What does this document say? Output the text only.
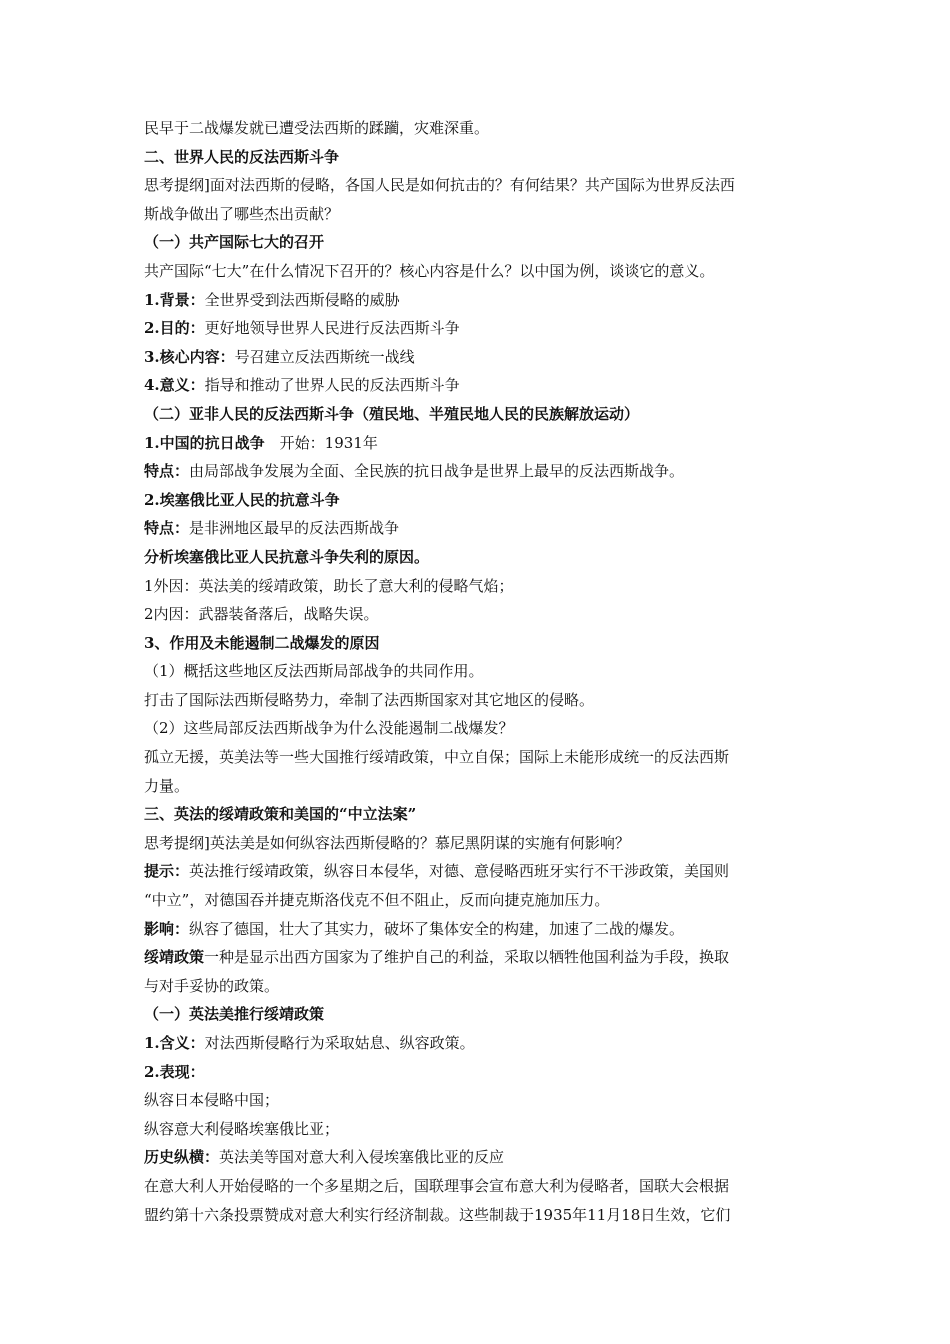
民早于二战爆发就已遭受法西斯的蹂躏，灾难深重。
二、世界人民的反法西斯斗争
思考提纲]面对法西斯的侵略，各国人民是如何抗击的？有何结果？共产国际为世界反法西
斯战争做出了哪些杰出贡献？
（一）共产国际七大的召开
共产国际“七大”在什么情况下召开的？核心内容是什么？以中国为例，谈谈它的意义。
1.背景：全世界受到法西斯侵略的威胁
2.目的：更好地领导世界人民进行反法西斯斗争
3.核心内容：号召建立反法西斯统一战线
4.意义：指导和推动了世界人民的反法西斯斗争
（二）亚非人民的反法西斯斗争（殖民地、半殖民地人民的民族解放运动）
1.中国的抗日战争　开始：1931年
特点：由局部战争发展为全面、全民族的抗日战争是世界上最早的反法西斯战争。
2.埃塞俄比亚人民的抗意斗争
特点：是非洲地区最早的反法西斯战争
分析埃塞俄比亚人民抗意斗争失利的原因。
1外因：英法美的绥靖政策，助长了意大利的侵略气焰；
2内因：武器装备落后，战略失误。
3、作用及未能遏制二战爆发的原因
（1）概括这些地区反法西斯局部战争的共同作用。
打击了国际法西斯侵略势力，牵制了法西斯国家对其它地区的侵略。
（2）这些局部反法西斯战争为什么没能遏制二战爆发？
孤立无援，英美法等一些大国推行绥靖政策，中立自保；国际上未能形成统一的反法西斯
力量。
三、英法的绥靖政策和美国的“中立法案”
思考提纲]英法美是如何纵容法西斯侵略的？慕尼黑阴谋的实施有何影响？
提示：英法推行绥靖政策，纵容日本侵华，对德、意侵略西班牙实行不干涉政策，美国则
“中立”，对德国吞并捷克斯洛伐克不但不阻止，反而向捷克施加压力。
影响：纵容了德国，壮大了其实力，破坏了集体安全的构建，加速了二战的爆发。
绥靖政策一种是显示出西方国家为了维护自己的利益，采取以牺牲他国利益为手段，换取
与对手妥协的政策。
（一）英法美推行绥靖政策
1.含义：对法西斯侵略行为采取姑息、纵容政策。
2.表现：
纵容日本侵略中国；
纵容意大利侵略埃塞俄比亚；
历史纵横：英法美等国对意大利入侵埃塞俄比亚的反应
在意大利人开始侵略的一个多星期之后，国联理事会宣布意大利为侵略者，国联大会根据
盟约第十六条投票赞成对意大利实行经济制裁。这些制裁于1935年11月18日生效，它们
